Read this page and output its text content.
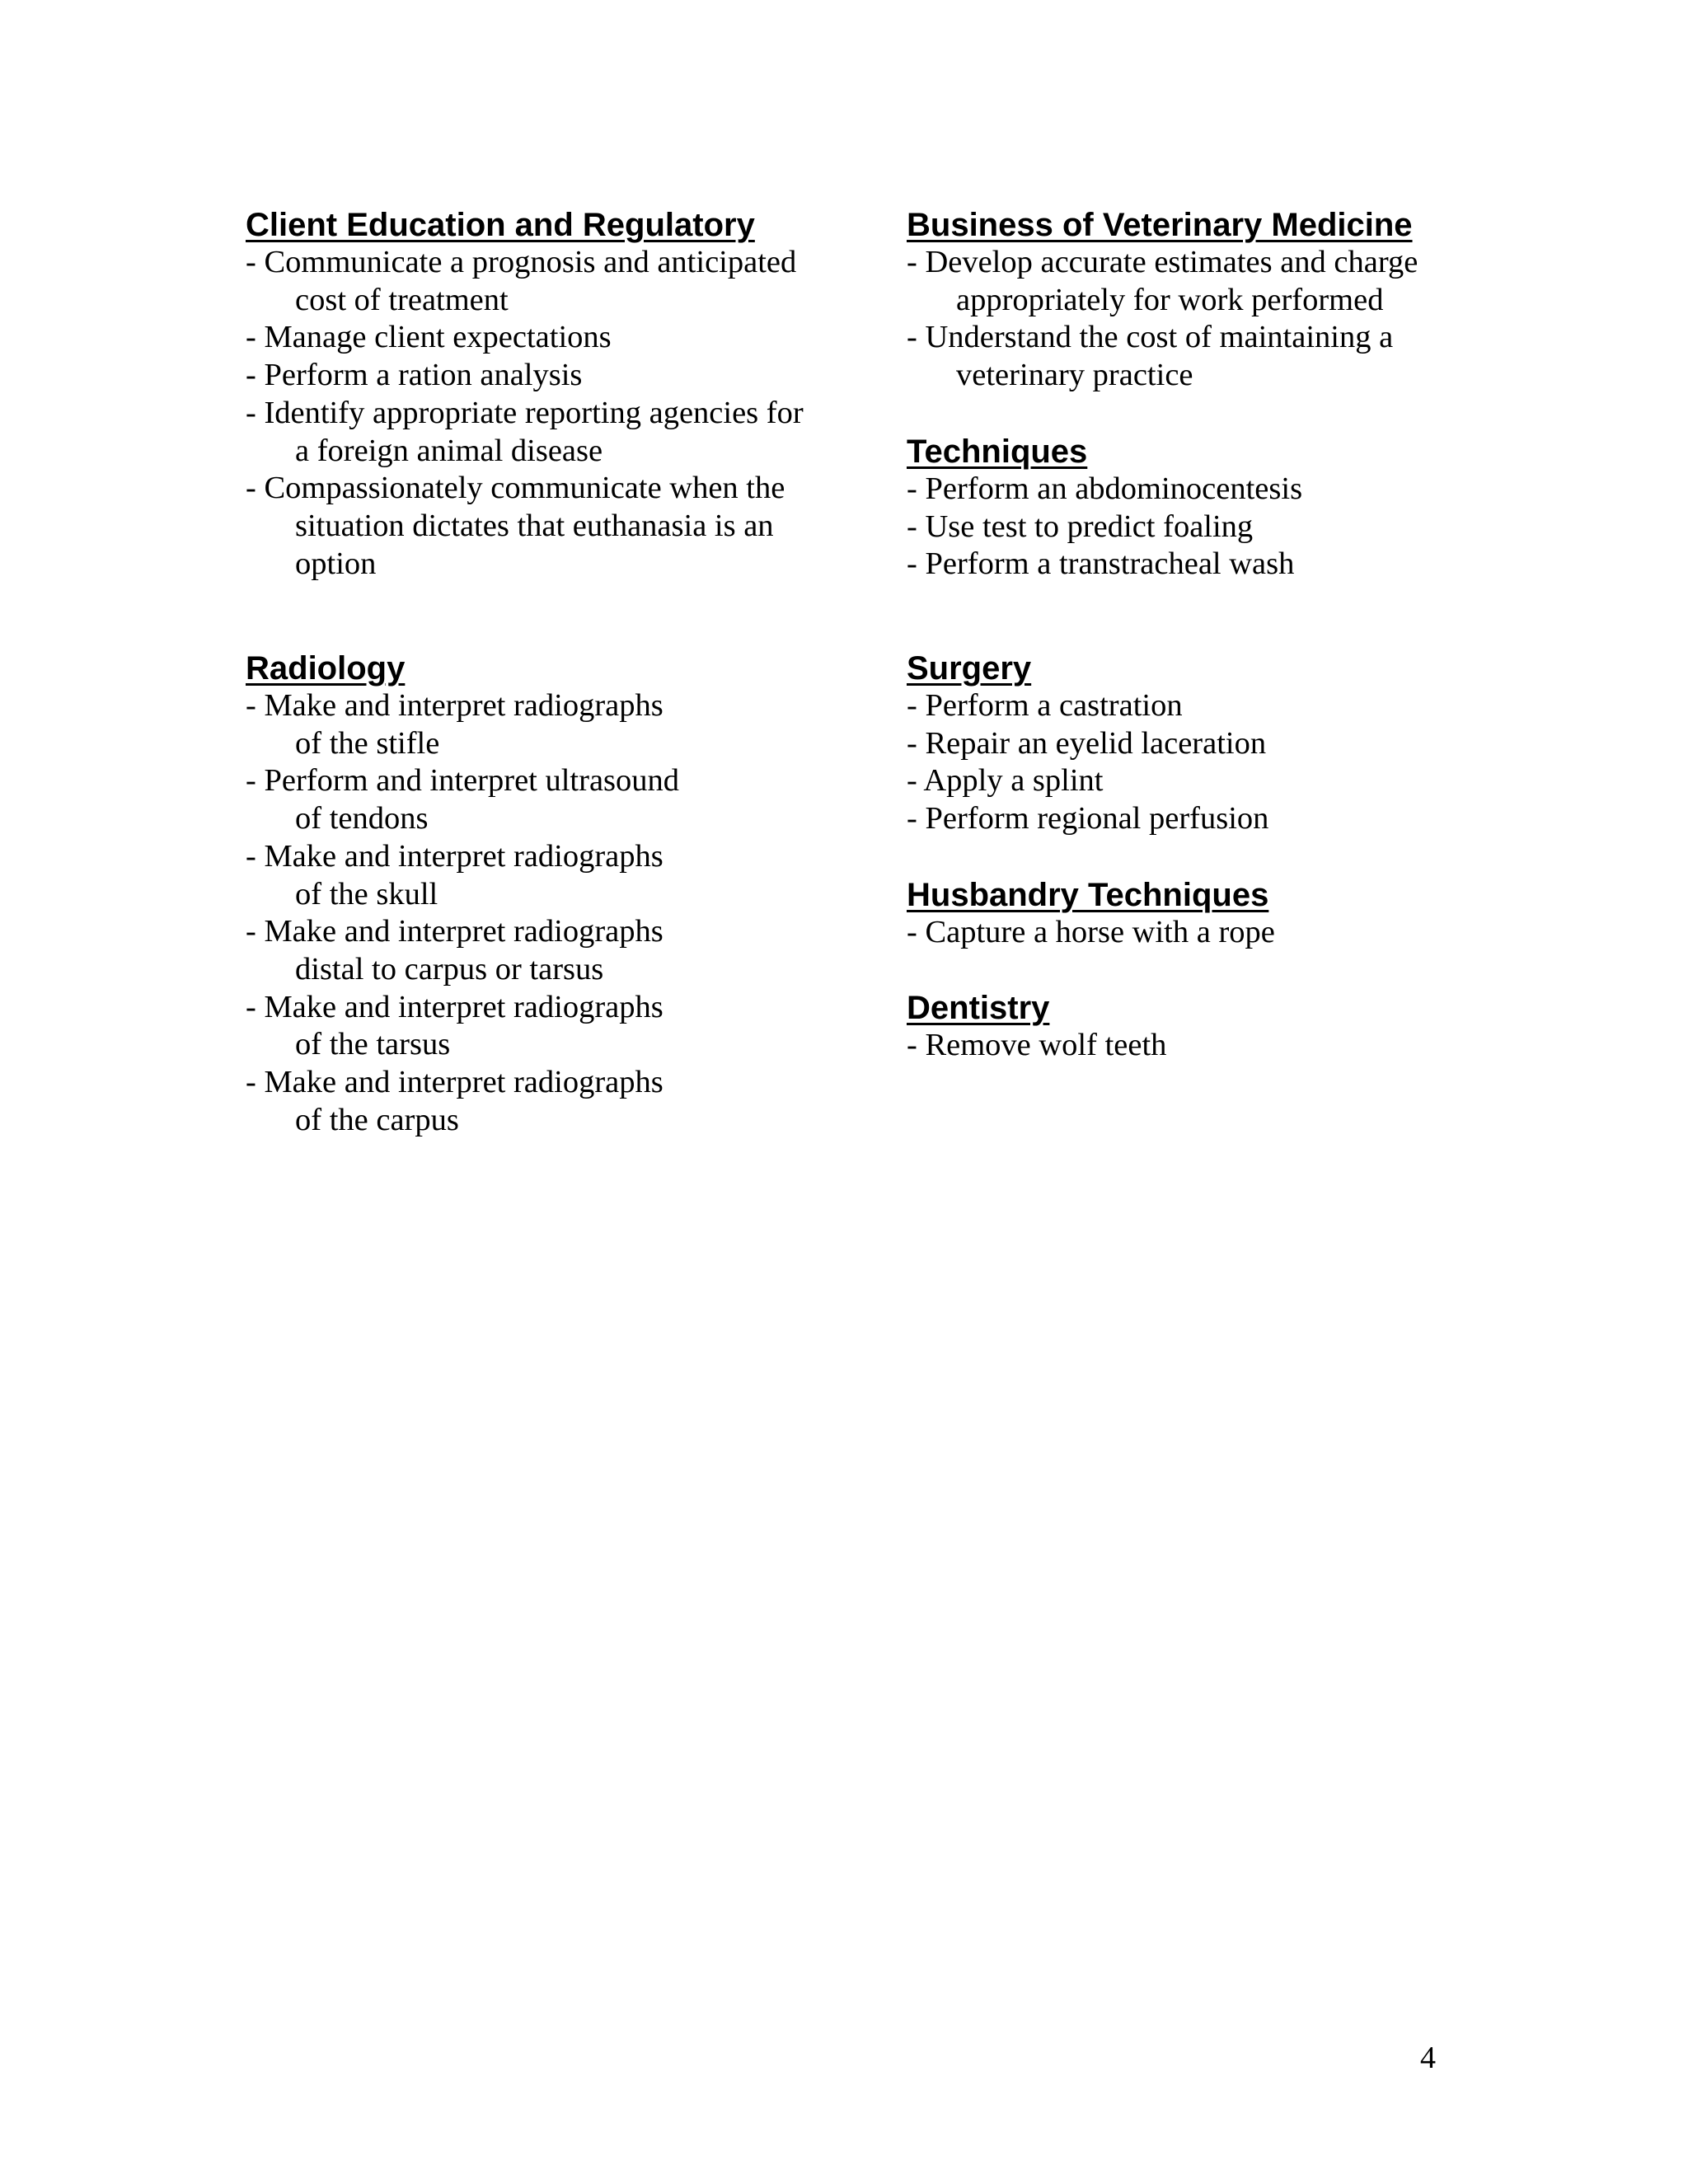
Client Education and Regulatory
- Communicate a prognosis and anticipated
cost of treatment
- Manage client expectations
- Perform a ration analysis
- Identify appropriate reporting agencies for
a foreign animal disease
- Compassionately communicate when the
situation dictates that euthanasia is an
option
Business of Veterinary Medicine
- Develop accurate estimates and charge
appropriately for work performed
- Understand the cost of maintaining a
veterinary practice
Techniques
- Perform an abdominocentesis
- Use test to predict foaling
- Perform a transtracheal wash
Radiology
- Make and interpret radiographs
of the stifle
- Perform and interpret ultrasound
of tendons
- Make and interpret radiographs
of the skull
- Make and interpret radiographs
distal to carpus or tarsus
- Make and interpret radiographs
of the tarsus
- Make and interpret radiographs
of the carpus
Surgery
- Perform a castration
- Repair an eyelid laceration
- Apply a splint
- Perform regional perfusion
Husbandry Techniques
- Capture a horse with a rope
Dentistry
- Remove wolf teeth
4
